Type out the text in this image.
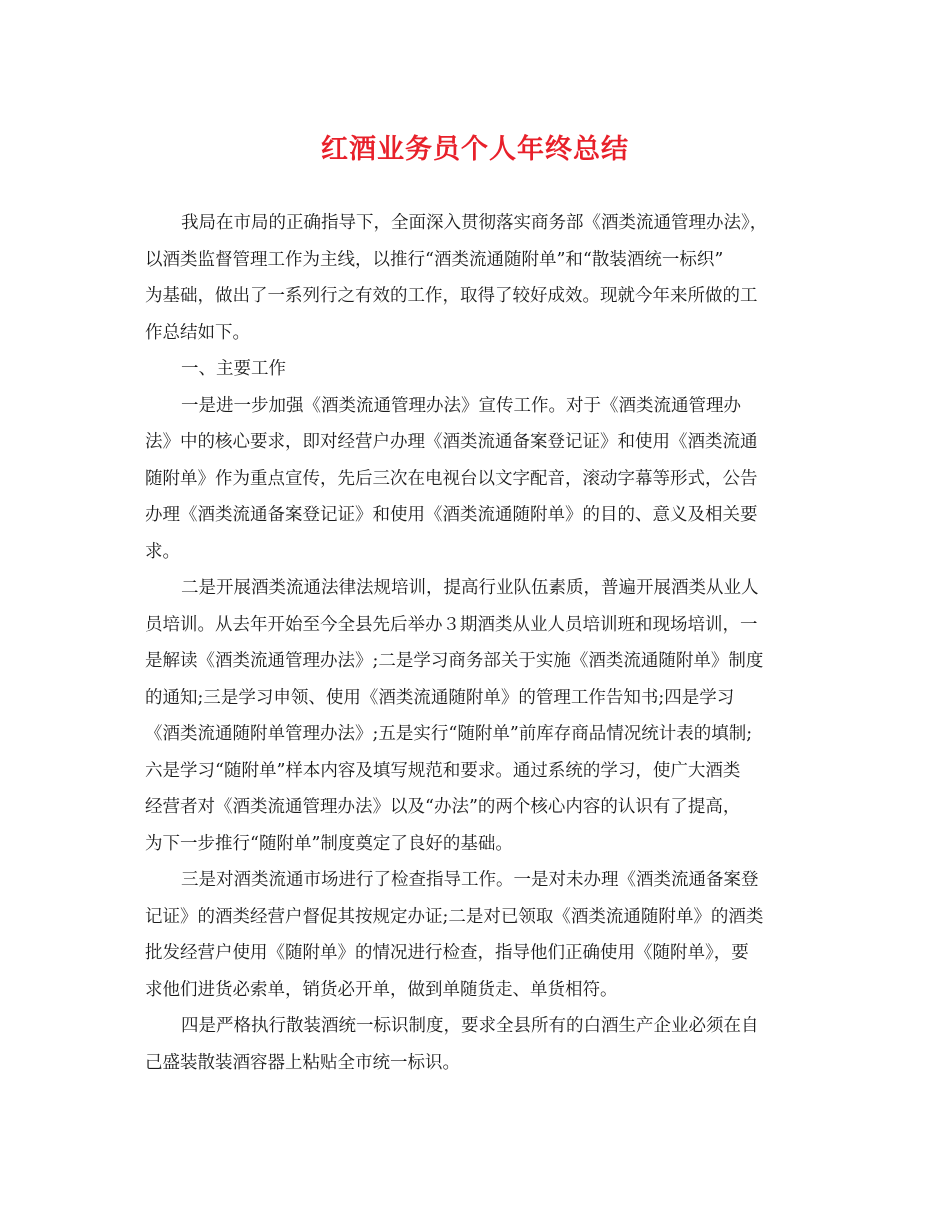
红酒业务员个人年终总结
我局在市局的正确指导下，全面深入贯彻落实商务部《酒类流通管理办法》，
以酒类监督管理工作为主线，以推行“酒类流通随附单”和“散装酒统一标织”
为基础，做出了一系列行之有效的工作，取得了较好成效。现就今年来所做的工
作总结如下。
一、主要工作
一是进一步加强《酒类流通管理办法》宣传工作。对于《酒类流通管理办
法》中的核心要求，即对经营户办理《酒类流通备案登记证》和使用《酒类流通
随附单》作为重点宣传，先后三次在电视台以文字配音，滚动字幕等形式，公告
办理《酒类流通备案登记证》和使用《酒类流通随附单》的目的、意义及相关要
求。
二是开展酒类流通法律法规培训，提高行业队伍素质，普遍开展酒类从业人
员培训。从去年开始至今全县先后举办３期酒类从业人员培训班和现场培训，一
是解读《酒类流通管理办法》;二是学习商务部关于实施《酒类流通随附单》制度
的通知;三是学习申领、使用《酒类流通随附单》的管理工作告知书;四是学习
《酒类流通随附单管理办法》;五是实行“随附单”前库存商品情况统计表的填制;
六是学习“随附单”样本内容及填写规范和要求。通过系统的学习，使广大酒类
经营者对《酒类流通管理办法》以及“办法”的两个核心内容的认识有了提高，
为下一步推行“随附单”制度奠定了良好的基础。
三是对酒类流通市场进行了检查指导工作。一是对未办理《酒类流通备案登
记证》的酒类经营户督促其按规定办证;二是对已领取《酒类流通随附单》的酒类
批发经营户使用《随附单》的情况进行检查，指导他们正确使用《随附单》，要
求他们进货必索单，销货必开单，做到单随货走、单货相符。
四是严格执行散装酒统一标识制度，要求全县所有的白酒生产企业必须在自
己盛装散装酒容器上粘贴全市统一标识。
